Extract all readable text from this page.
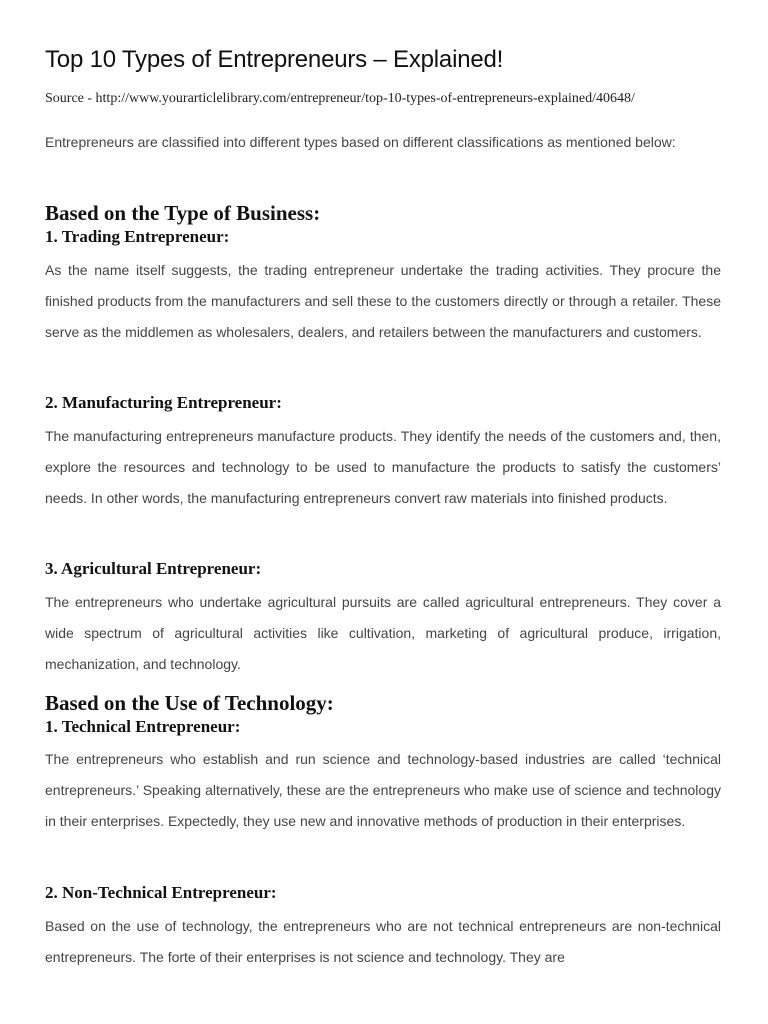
Top 10 Types of Entrepreneurs – Explained!
Source - http://www.yourarticlelibrary.com/entrepreneur/top-10-types-of-entrepreneurs-explained/40648/

Entrepreneurs are classified into different types based on different classifications as mentioned below:

Based on the Type of Business:
1. Trading Entrepreneur:

As the name itself suggests, the trading entrepreneur undertake the trading activities. They procure the finished products from the manufacturers and sell these to the customers directly or through a retailer. These serve as the middlemen as wholesalers, dealers, and retailers between the manufacturers and customers.

2. Manufacturing Entrepreneur:

The manufacturing entrepreneurs manufacture products. They identify the needs of the customers and, then, explore the resources and technology to be used to manufacture the products to satisfy the customers’ needs. In other words, the manufacturing entrepreneurs convert raw materials into finished products.

3. Agricultural Entrepreneur:

The entrepreneurs who undertake agricultural pursuits are called agricultural entrepreneurs. They cover a wide spectrum of agricultural activities like cultivation, marketing of agricultural produce, irrigation, mechanization, and technology.

Based on the Use of Technology:
1. Technical Entrepreneur:

The entrepreneurs who establish and run science and technology-based industries are called ‘technical entrepreneurs.’ Speaking alternatively, these are the entrepreneurs who make use of science and technology in their enterprises. Expectedly, they use new and innovative methods of production in their enterprises.

2. Non-Technical Entrepreneur:

Based on the use of technology, the entrepreneurs who are not technical entrepreneurs are non-technical entrepreneurs. The forte of their enterprises is not science and technology. They are
